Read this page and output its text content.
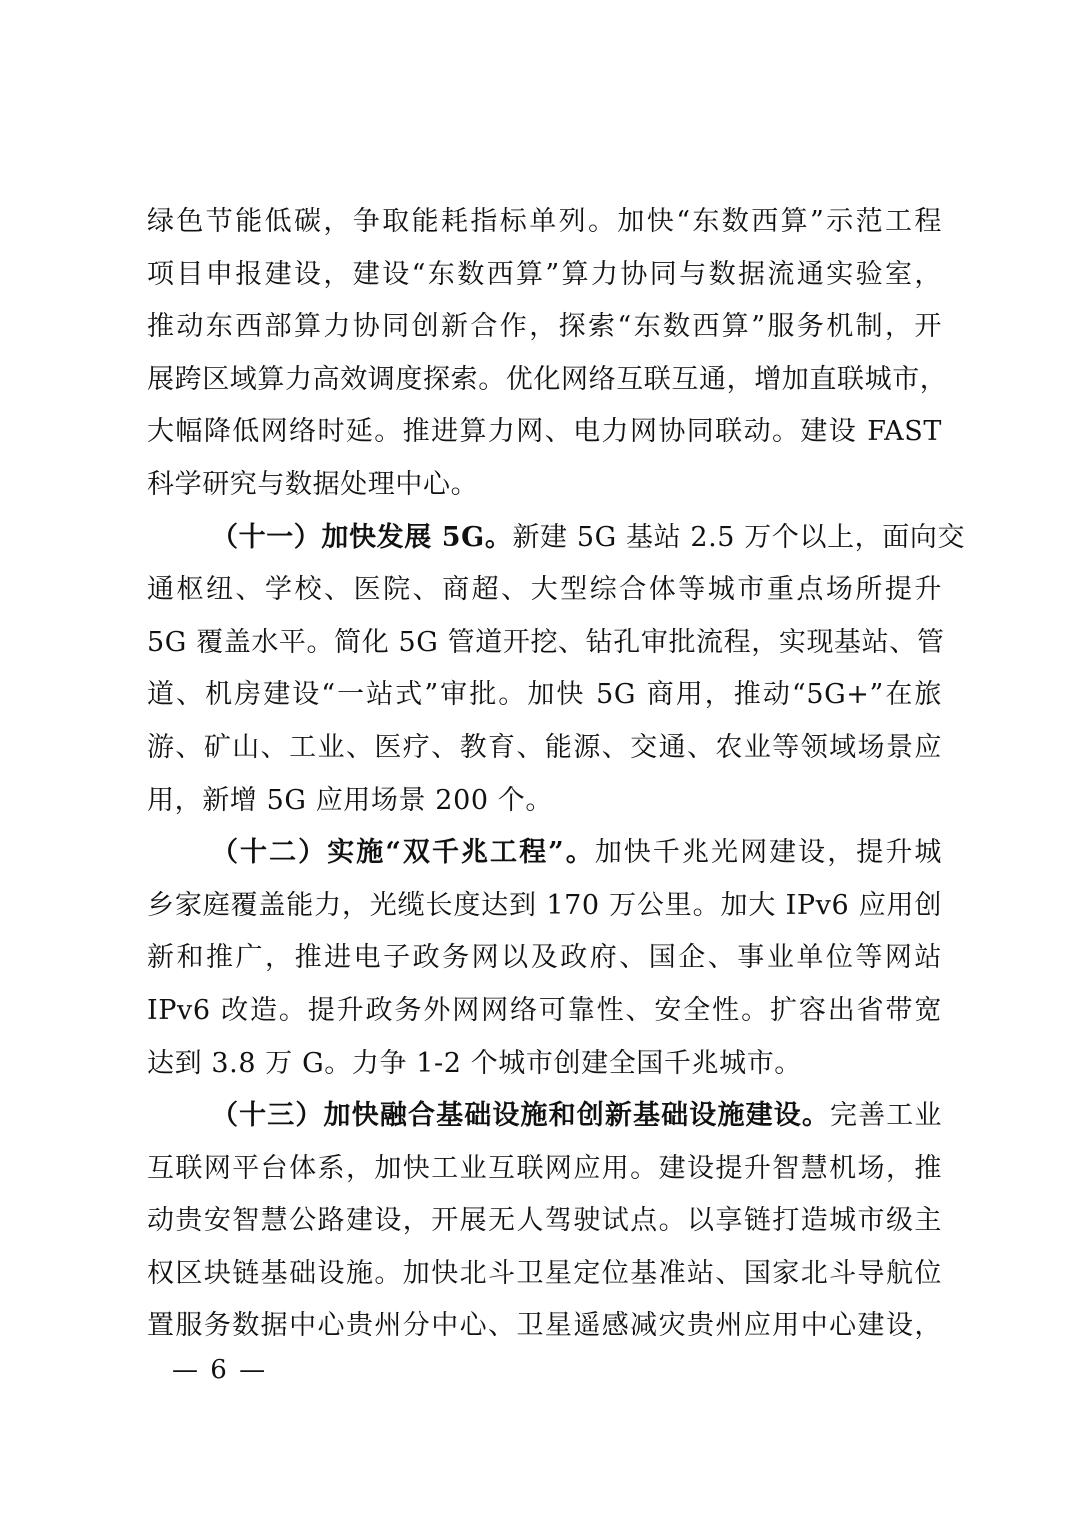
绿色节能低碳，争取能耗指标单列。加快“东数西算”示范工程
项目申报建设，建设“东数西算”算力协同与数据流通实验室，
推动东西部算力协同创新合作，探索“东数西算”服务机制，开
展跨区域算力高效调度探索。优化网络互联互通，增加直联城市，
大幅降低网络时延。推进算力网、电力网协同联动。建设 FAST
科学研究与数据处理中心。
（十一）加快发展 5G。新建 5G 基站 2.5 万个以上，面向交
通枢纽、学校、医院、商超、大型综合体等城市重点场所提升
5G 覆盖水平。简化 5G 管道开挖、钻孔审批流程，实现基站、管
道、机房建设“一站式”审批。加快 5G 商用，推动“5G+”在旅
游、矿山、工业、医疗、教育、能源、交通、农业等领域场景应
用，新增 5G 应用场景 200 个。
（十二）实施“双千兆工程”。加快千兆光网建设，提升城
乡家庭覆盖能力，光缆长度达到 170 万公里。加大 IPv6 应用创
新和推广，推进电子政务网以及政府、国企、事业单位等网站
IPv6 改造。提升政务外网网络可靠性、安全性。扩容出省带宽
达到 3.8 万 G。力争 1-2 个城市创建全国千兆城市。
（十三）加快融合基础设施和创新基础设施建设。完善工业
互联网平台体系，加快工业互联网应用。建设提升智慧机场，推
动贵安智慧公路建设，开展无人驾驶试点。以享链打造城市级主
权区块链基础设施。加快北斗卫星定位基准站、国家北斗导航位
置服务数据中心贵州分中心、卫星遥感减灾贵州应用中心建设，
— 6 —
